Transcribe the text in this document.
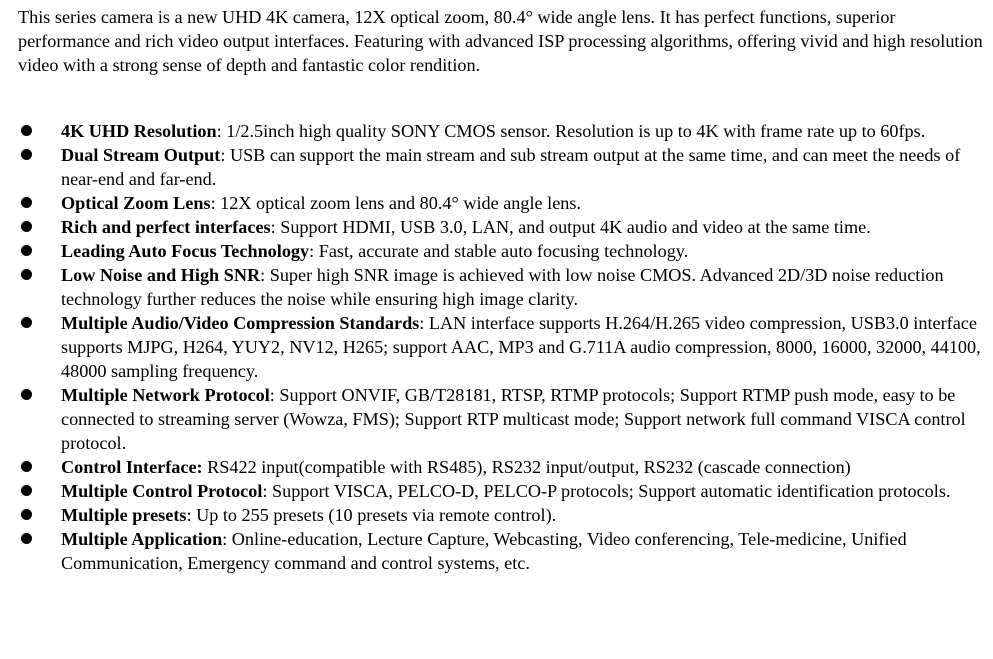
This series camera is a new UHD 4K camera, 12X optical zoom, 80.4° wide angle lens. It has perfect functions, superior performance and rich video output interfaces. Featuring with advanced ISP processing algorithms, offering vivid and high resolution video with a strong sense of depth and fantastic color rendition.

4K UHD Resolution: 1/2.5inch high quality SONY CMOS sensor. Resolution is up to 4K with frame rate up to 60fps.
Dual Stream Output: USB can support the main stream and sub stream output at the same time, and can meet the needs of near-end and far-end.
Optical Zoom Lens: 12X optical zoom lens and 80.4° wide angle lens.
Rich and perfect interfaces: Support HDMI, USB 3.0, LAN, and output 4K audio and video at the same time.
Leading Auto Focus Technology: Fast, accurate and stable auto focusing technology.
Low Noise and High SNR: Super high SNR image is achieved with low noise CMOS. Advanced 2D/3D noise reduction technology further reduces the noise while ensuring high image clarity.
Multiple Audio/Video Compression Standards: LAN interface supports H.264/H.265 video compression, USB3.0 interface supports MJPG, H264, YUY2, NV12, H265; support AAC, MP3 and G.711A audio compression, 8000, 16000, 32000, 44100, 48000 sampling frequency.
Multiple Network Protocol: Support ONVIF, GB/T28181, RTSP, RTMP protocols; Support RTMP push mode, easy to be connected to streaming server (Wowza, FMS); Support RTP multicast mode; Support network full command VISCA control protocol.
Control Interface: RS422 input(compatible with RS485), RS232 input/output, RS232 (cascade connection)
Multiple Control Protocol: Support VISCA, PELCO-D, PELCO-P protocols; Support automatic identification protocols.
Multiple presets: Up to 255 presets (10 presets via remote control).
Multiple Application: Online-education, Lecture Capture, Webcasting, Video conferencing, Tele-medicine, Unified Communication, Emergency command and control systems, etc.
